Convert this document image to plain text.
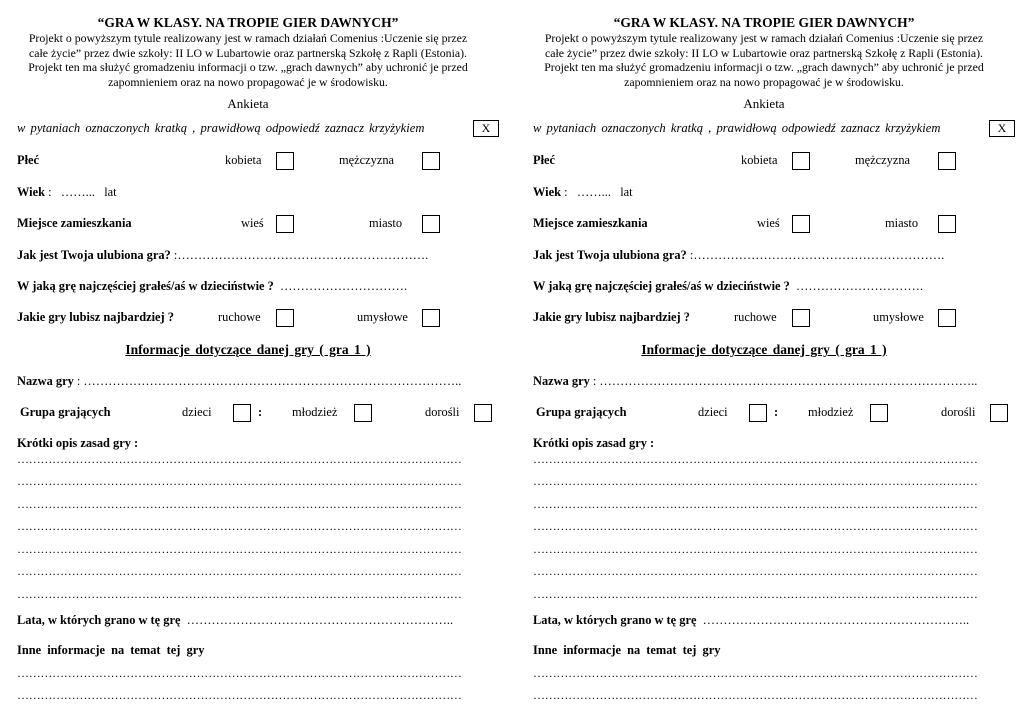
“GRA W KLASY. NA TROPIE GIER DAWNYCH”
Projekt o powyższym tytule realizowany jest w ramach działań Comenius :Uczenie się przez
całe życie” przez dwie szkoły: II LO w Lubartowie oraz partnerską Szkołę z Rapli (Estonia).
Projekt ten ma służyć gromadzeniu informacji o tzw. „grach dawnych” aby uchronić je przed
zapomnieniem oraz na nowo propagować je w środowisku.
Ankieta
w pytaniach oznaczonych kratką , prawidłową odpowiedź zaznacz krzyżykiem	X
Płeć	kobieta	mężczyzna
Wiek : ……... lat
Miejsce zamieszkania	wieś	miasto
Jak jest Twoja ulubiona gra? :…………………………………………………….
W jaką grę najczęściej grałeś/aś w dzieciństwie ? ………………………….
Jakie gry lubisz najbardziej ?	ruchowe	umysłowe
Informacje dotyczące danej gry ( gra 1 )
Nazwa gry : ………………………………………………………………………………..
Grupa grających	dzieci	: młodzież	dorośli
Krótki opis zasad gry :
……………………………………………………………………………………………………
……………………………………………………………………………………………………
……………………………………………………………………………………………………
……………………………………………………………………………………………………
……………………………………………………………………………………………………
……………………………………………………………………………………………………
……………………………………………………………………………………………………
Lata, w których grano w tę grę ………………………………………………………..
Inne informacje na temat tej gry
……………………………………………………………………………………………………
……………………………………………………………………………………………………
“GRA W KLASY. NA TROPIE GIER DAWNYCH”
Projekt o powyższym tytule realizowany jest w ramach działań Comenius :Uczenie się przez
całe życie” przez dwie szkoły: II LO w Lubartowie oraz partnerską Szkołę z Rapli (Estonia).
Projekt ten ma służyć gromadzeniu informacji o tzw. „grach dawnych” aby uchronić je przed
zapomnieniem oraz na nowo propagować je w środowisku.
Ankieta
w pytaniach oznaczonych kratką , prawidłową odpowiedź zaznacz krzyżykiem	X
Płeć	kobieta	mężczyzna
Wiek : ……... lat
Miejsce zamieszkania	wieś	miasto
Jak jest Twoja ulubiona gra? :…………………………………………………….
W jaką grę najczęściej grałeś/aś w dzieciństwie ? ………………………….
Jakie gry lubisz najbardziej ?	ruchowe	umysłowe
Informacje dotyczące danej gry ( gra 1 )
Nazwa gry : ………………………………………………………………………………..
Grupa grających	dzieci	: młodzież	dorośli
Krótki opis zasad gry :
……………………………………………………………………………………………………
……………………………………………………………………………………………………
……………………………………………………………………………………………………
……………………………………………………………………………………………………
……………………………………………………………………………………………………
……………………………………………………………………………………………………
……………………………………………………………………………………………………
Lata, w których grano w tę grę ………………………………………………………..
Inne informacje na temat tej gry
……………………………………………………………………………………………………
……………………………………………………………………………………………………
